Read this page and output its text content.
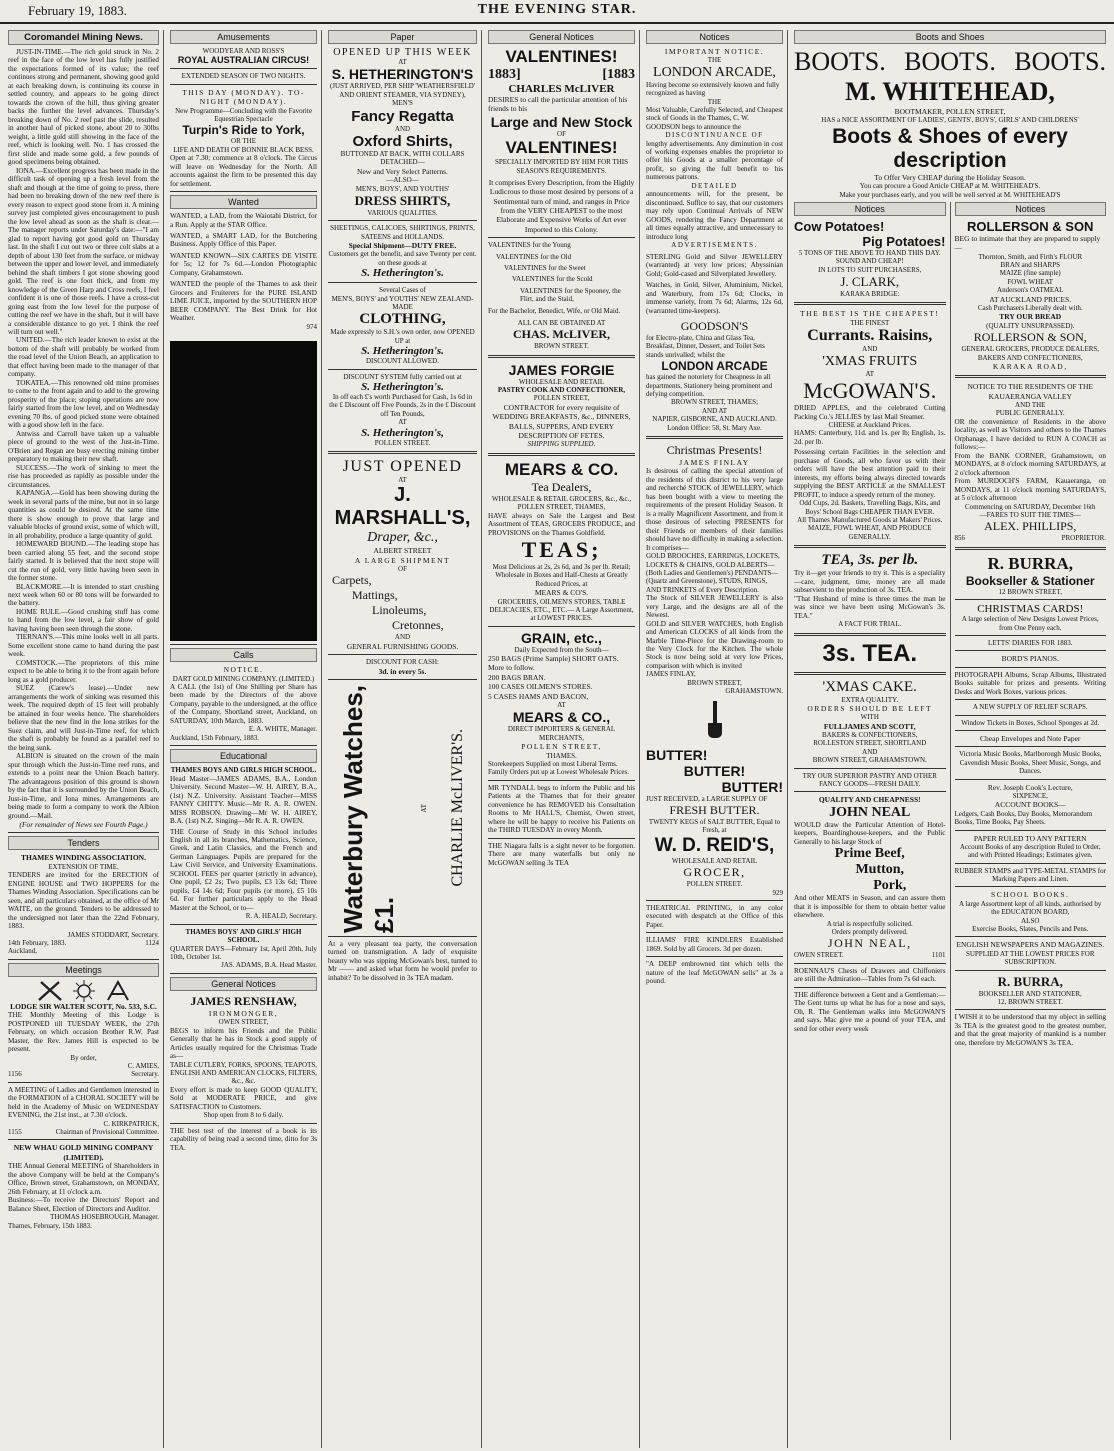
February 19, 1883.	THE EVENING STAR.
Coromandel Mining News.
JUST-IN-TIME.—The rich gold struck in No. 2 reef in the face of the low level has fully justified the expectations formed of its value; the reef continues strong and permanent, showing good gold at each breaking down, is continuing its course in settled country, and appears to be going direct towards the crown of the hill, thus giving greater backs the further the level advances. Thursday's breaking down of No. 2 reef past the slide, resulted in another haul of picked stone, about 20 to 30lbs weight, a little gold still showing in the face of the reef, which is looking well. No. 1 has crossed the first slide and made some gold, a few pounds of good specimens being obtained.
IONA.—Excellent progress has been made in the difficult task of opening up a fresh level from the shaft and though at the time of going to press, there had been no breaking down of the new reef there is every reason to expect good stone from it. A mining survey just completed gives encouragement to push the low level ahead as soon as the shaft is clear.—The manager reports under Saturday's date:—"I am glad to report having got good gold on Thursday last. In the shaft I cut out two or three colt slabs at a depth of about 130 feet from the surface, or midway between the upper and lower level, and immediately behind the shaft timbers I got stone showing good gold. The reef is one foot thick, and from my knowledge of the Green Harp and Cross reefs, I feel confident it is one of those reefs. I have a cross-cut going east from the low level for the purpose of cutting the reef we have in the shaft, but it will have a considerable distance to go yet. I think the reef will turn out well."
UNITED.—The rich leader known to exist at the bottom of the shaft will probably be worked from the road level of the Union Beach, an application to that effect having been made to the manager of that company.
TOKATEA.—This renowned old mine promises to come to the front again and to add to the growing prosperity of the place; stoping operations are now fairly started from the low level, and on Wednesday evening 70 lbs. of good picked stone were obtained with a good show left in the face.
Antwiss and Carroll have taken up a valuable piece of ground to the west of the Just-in-Time. O'Brien and Regan are busy erecting mining timber preparatory to making their new shaft.
SUCCESS.—The work of sinking to meet the rise has proceeded as rapidly as possible under the circumstances.
KAPANGA.—Gold has been showing during the week in several parts of the mine, but not in so large quantities as could be desired. At the same time there is show enough to prove that large and valuable blocks of ground exist, some of which will, in all probability, produce a large quantity of gold.
HOMEWARD BOUND.—The leading stope has been carried along 55 feet, and the second stope fairly started. It is believed that the next stope will cut the run of gold, very little having been seen in the former stone.
BLACKMORE.—It is intended to start crushing next week when 60 or 80 tons will be forwarded to the battery.
HOME RULE.—Good crushing stuff has come to hand from the low level, a fair show of gold having having been seen through the stone.
TIERNAN'S.—This mine looks well in all parts. Some excellent stone came to hand during the past week.
COMSTOCK.—The proprietors of this mine expect to be able to bring it to the front again before long as a gold producer.
SUEZ (Carew's lease).—Under new arrangements the work of sinking was resumed this week. The required depth of 15 feet will probably be attained in four weeks hence. The shareholders believe that the new find in the Iona strikes for the Suez claim, and will Just-in-Time reef, for which the shaft is probably be found as a parallel reef to the being sunk.
ALBION is situated on the crown of the main spur through which the Just-in-Time reef runs, and extends to a point near the Union Beach battery. The advantageous position of this ground is shown by the fact that it is surrounded by the Union Beach, Just-in-Time, and Iona mines. Arrangements are being made to form a company to work the Albion ground.—Mail.
(For remainder of News see Fourth Page.)
Tenders
THAMES WINDING ASSOCIATION.
EXTENSION OF TIME.
TENDERS are invited for the ERECTION of ENGINE HOUSE and TWO HOPPERS for the Thames Winding Association. Specifications can be seen, and all particulars obtained, at the office of Mr WAITE, on the ground. Tenders to be addressed to the undersigned not later than the 22nd February, 1883.
JAMES STODDART, Secretary.
14th February, 1883.	1124
Auckland,
Meetings
LODGE SIR WALTER SCOTT, No. 533, S.C.
THE Monthly Meeting of this Lodge is POSTPONED till TUESDAY WEEK, the 27th February, on which occasion Brother R.W. Past Master, the Rev. James Hill is expected to be present.
By order,
C. AMIES,
1156	Secretary.
A MEETING of Ladies and Gentlemen interested in the FORMATION of a CHORAL SOCIETY will be held in the Academy of Music on WEDNESDAY EVENING, the 21st inst., at 7.30 o'clock.
C. KIRKPATRICK,
1155	Chairman of Provisional Committee.
NEW WHAU GOLD MINING COMPANY (LIMITED).
THE Annual General MEETING of Shareholders in the above Company will be held at the Company's Office, Brown street, Grahamstown, on MONDAY, 26th February, at 11 o'clock a.m.
Business:—To receive the Directors' Report and Balance Sheet, Election of Directors and Auditor.
THOMAS HOSEBROUGH, Manager.
Thames, February, 15th 1883.
Amusements
WOODYEAR AND ROSS'S
ROYAL AUSTRALIAN CIRCUS!
EXTENDED SEASON OF TWO NIGHTS.
THIS DAY (MONDAY). TO-NIGHT (MONDAY).
New Programme—Concluding with the Favorite Equestrian Spectacle
Turpin's Ride to York,
OR THE
LIFE AND DEATH OF BONNIE BLACK BESS.
Open at 7.30; commence at 8 o'clock. The Circus will leave on Wednesday for the North. All accounts against the firm to be presented this day for settlement.
Wanted
WANTED, a LAD, from the Waiotahi District, for a Run. Apply at the STAR Office.
WANTED, a SMART LAD, for the Butchering Business. Apply Office of this Paper.
WANTED KNOWN—SIX CARTES DE VISITE for 5s; 12 for 7s 6d.—London Photographic Company, Grahamstown.
WANTED the people of the Thames to ask their Grocers and Fruiterers for the PURE ISLAND LIME JUICE, imported by the SOUTHERN HOP BEER COMPANY. The Best Drink for Hot Weather.
974
Calls
NOTICE.
DART GOLD MINING COMPANY. (LIMITED.)
A CALL (the 1st) of One Shilling per Share has been made by the Directors of the above Company, payable to the undersigned, at the office of the Company, Shortland street, Auckland, on SATURDAY, 10th March, 1883.
E. A. WHITE, Manager.
Auckland, 15th February, 1883.
Educational
THAMES BOYS AND GIRLS HIGH SCHOOL.
Head Master—JAMES ADAMS, B.A., London University. Second Master—W. H. AIREY, B.A., (1st) N.Z. University. Assistant Teacher—MISS FANNY CHITTY. Music—Mr R. A. R. OWEN. MISS ROBSON. Drawing—Mr W. H. AIREY, B.A. (1st) N.Z. Singing—Mr R. A. R. OWEN.
THE Course of Study in this School includes English in all its branches, Mathematics, Science, Greek, and Latin Classics, and the French and German Languages. Pupils are prepared for the Law Civil Service, and University Examinations. SCHOOL FEES per quarter (strictly in advance), One pupil, £2 2s; Two pupils, £3 13s 6d; Three pupils, £4 14s 6d; Four pupils (or more), £5 10s 6d. For further particulars apply to the Head Master at the School, or to—
R. A. HEALD, Secretary.
THAMES BOYS' AND GIRLS' HIGH SCHOOL.
QUARTER DAYS—February 1st, April 20th, July 10th, October 1st.
JAS. ADAMS, B.A. Head Master.
General Notices
JAMES RENSHAW,
IRONMONGER,
OWEN STREET,
BEGS to inform his Friends and the Public Generally that he has in Stock a good supply of Articles usually required for the Christmas Trade as—
TABLE CUTLERY, FORKS, SPOONS, TEAPOTS, ENGLISH AND AMERICAN CLOCKS, FILTERS, &c., &c.
Every effort is made to keep GOOD QUALITY, Sold at MODERATE PRICE, and give SATISFACTION to Customers.
Shop open from 8 to 6 daily.
THE best test of the interest of a book is its capability of being read a second time, ditto for 3s TEA.
Paper
OPENED UP THIS WEEK
AT
S. HETHERINGTON'S
(JUST ARRIVED, PER SHIP 'WEATHERSFIELD' AND ORIENT STEAMER, VIA SYDNEY),
MEN'S
Fancy Regatta
AND
Oxford Shirts,
BUTTONED AT BACK, WITH COLLARS DETACHED—
New and Very Select Patterns.
—ALSO—
MEN'S, BOYS', AND YOUTHS'
DRESS SHIRTS,
VARIOUS QUALITIES.
SHEETINGS, CALICOES, SHIRTINGS, PRINTS, SATEENS and HOLLANDS.
Special Shipment—DUTY FREE.
Customers get the benefit, and save Twenty per cent. on these goods at
S. Hetherington's.
Several Cases of
MEN'S, BOYS' and YOUTHS' NEW ZEALAND-MADE
CLOTHING,
Made expressly to S.H.'s own order, now OPENED UP at
S. Hetherington's.
DISCOUNT ALLOWED.
DISCOUNT SYSTEM fully carried out at
S. Hetherington's.
In off each £'s worth Purchased for Cash, 1s 6d in the £ Discount off Five Pounds, 2s in the £ Discount off Ten Pounds,
AT
S. Hetherington's,
POLLEN STREET.
JUST OPENED
AT
J. MARSHALL'S,
Draper, &c.,
ALBERT STREET
A LARGE SHIPMENT
OF
Carpets,
Mattings,
Linoleums,
Cretonnes,
AND
GENERAL FURNISHING GOODS.
DISCOUNT FOR CASH:
3d. in every 5s.
Waterbury Watches, £1.
AT CHARLIE McLIVER'S.
At a very pleasant tea party, the conversation turned on transmigration. A lady of exquisite beauty who was sipping McGowan's best, turned to Mr —— and asked what form he would prefer to inhabit? To be dissolved in 3s TEA madam.
General Notices
VALENTINES!
1883]	[1883
CHARLES McLIVER
DESIRES to call the particular attention of his friends to his
Large and New Stock
OF
VALENTINES!
SPECIALLY IMPORTED BY HIM FOR THIS SEASON'S REQUIREMENTS.
It comprises Every Description, from the Highly Ludicrous to those most desired by persons of a Sentimental turn of mind, and ranges in Price from the VERY CHEAPEST to the most Elaborate and Expensive Works of Art ever Imported to this Colony.
VALENTINES for the Young
VALENTINES for the Old
VALENTINES for the Sweet
VALENTINES for the Scold
VALENTINES for the Spooney, the Flirt, and the Staid,
For the Bachelor, Benedict, Wife, or Old Maid.
ALL CAN BE OBTAINED AT
CHAS. McLIVER,
BROWN STREET.
JAMES FORGIE
WHOLESALE AND RETAIL
PASTRY COOK AND CONFECTIONER,
POLLEN STREET,
CONTRACTOR for every requisite of WEDDING BREAKFASTS, &c., DINNERS, BALLS, SUPPERS, AND EVERY DESCRIPTION OF FETES.
SHIPPING SUPPLIED.
MEARS & CO.
Tea Dealers,
WHOLESALE & RETAIL GROCERS, &c., &c.,
POLLEN STREET, THAMES,
HAVE always on Sale the Largest and Best Assortment of TEAS, GROCERS PRODUCE, and PROVISIONS on the Thames Goldfield.
TEAS;
Most Delicious at 2s, 2s 6d, and 3s per lb. Retail; Wholesale in Boxes and Half-Chests at Greatly Reduced Prices, at
MEARS & CO'S.
GROCERIES, OILMEN'S STORES, TABLE DELICACIES, ETC., ETC.— A Large Assortment, at LOWEST PRICES.
GRAIN, etc.,
Daily Expected from the South—
250 BAGS (Prime Sample) SHORT OATS. More to follow.
200 BAGS BRAN.
100 CASES OILMEN'S STORES.
5 CASES HAMS AND BACON,
AT
MEARS & CO.,
DIRECT IMPORTERS & GENERAL MERCHANTS,
POLLEN STREET,
THAMES.
Storekeepers Supplied on most Liberal Terms. Family Orders put up at Lowest Wholesale Prices.
MR TYNDALL begs to inform the Public and his Patients at the Thames that for their greater convenience he has REMOVED his Consultation Rooms to Mr HALL'S, Chemist, Owen street, where he will be happy to receive his Patients on the THIRD TUESDAY in every Month.
THE Niagara falls is a sight never to be forgotten. There are many waterfalls but only ne McGOWAN selling 3s TEA
Notices
IMPORTANT NOTICE.
THE
LONDON ARCADE,
Having become so extensively known and fully recognized as having
THE
Most Valuable, Carefully Selected, and Cheapest stock of Goods in the Thames, C. W. GOODSON begs to announce the
DISCONTINUANCE OF
lengthy advertisements. Any diminution in cost of working expenses enables the proprietor to offer his Goods at a smaller percentage of profit, so giving the full benefit to his numerous patrons.
DETAILED
announcements will, for the present, be discontinued. Suffice to say, that our customers may rely upon Continual Arrivals of NEW GOODS, rendering the Fancy Department at all times equally attractive, and unnecessary to introduce long
ADVERTISEMENTS.
STERLING Gold and Silver JEWELLERY (warranted) at very low prices; Abyssinian Gold; Gold-cased and Silverplated Jewellery.
Watches, in Gold, Silver, Aluminium, Nickel, and Waterbury, from 17s 6d; Clocks, in immense variety, from 7s 6d; Alarms, 12s 6d, (warranted time-keepers).
GOODSON'S
for Electro-plate, China and Glass Tea, Breakfast, Dinner, Dessert, and Toilet Sets stands unrivalled; whilst the
LONDON ARCADE
has gained the notoriety for Cheapness in all departments, Stationery being prominent and defying competition.
BROWN STREET, THAMES;
AND AT
NAPIER, GISBORNE, AND AUCKLAND.
London Office: 58, St. Mary Axe.
Christmas Presents!
JAMES FINLAY
Is desirous of calling the special attention of the residents of this district to his very large and recherché STOCK of JEWELLERY, which has been bought with a view to meeting the requirements of the present Holiday Season. It is a really Magnificent Assortment, and from it those desirous of selecting PRESENTS for their Friends or members of their families should have no difficulty in making a selection. It comprises—
GOLD BROOCHES, EARRINGS, LOCKETS, LOCKETS & CHAINS, GOLD ALBERTS—(Both Ladies and Gentlemen's) PENDANTS—(Quartz and Greenstone), STUDS, RINGS, AND TRINKETS of Every Description.
The Stock of SILVER JEWELLERY is also very Large, and the designs are all of the Newest.
GOLD and SILVER WATCHES, both English and American CLOCKS of all kinds from the Marble Time-Piece for the Drawing-room to the Very Clock for the Kitchen. The whole Stock is now being sold at very low Prices, comparison with which is invited
JAMES FINLAY,
BROWN STREET,
GRAHAMSTOWN.
BUTTER!
BUTTER!
BUTTER!
JUST RECEIVED, a LARGE SUPPLY OF
FRESH BUTTER.
TWENTY KEGS of SALT BUTTER, Equal to Fresh, at
W. D. REID'S,
WHOLESALE AND RETAIL
GROCER,
POLLEN STREET.
929
THEATRICAL PRINTING, in any color executed with despatch at the Office of this Paper.
ILLIAMS' FIRE KINDLERS Established 1869. Sold by all Grocers. 3d per dozen.
"A DEEP embrowned tint which tells the nature of the leaf McGOWAN sells" at 3s a pound.
Boots and Shoes
BOOTS. BOOTS. BOOTS.
M. WHITEHEAD,
BOOTMAKER, POLLEN STREET,
HAS a NICE ASSORTMENT OF LADIES', GENTS', BOYS', GIRLS' AND CHILDRENS'
Boots & Shoes of every description
To Offer Very CHEAP during the Holiday Season.
You can procure a Good Article CHEAP at M. WHITEHEAD'S.
Make your purchases early, and you will be well served at M. WHITEHEAD'S
Notices
Cow Potatoes!
Pig Potatoes!
5 TONS OF THE ABOVE TO HAND THIS DAY.
SOUND AND CHEAP!
IN LOTS TO SUIT PURCHASERS,
J. CLARK,
KARAKA BRIDGE:
THE BEST IS THE CHEAPEST!
THE FINEST
Currants. Raisins,
AND
'XMAS FRUITS
AT
McGOWAN'S.
DRIED APPLES, and the celebrated Cutting Packing Co.'s JELLIES by last Mail Steamer.
CHEESE at Auckland Prices.
HAMS: Canterbury, 11d. and 1s. per lb; English, 1s. 2d. per lb.
Possessing certain Facilities in the selection and purchase of Goods, all who favor us with their orders will have the best attention paid to their interests, my efforts being always directed towards supplying the BEST ARTICLE at the SMALLEST PROFIT, to induce a speedy return of the money.
Odd Cups, 2d. Baskets, Travelling Bags, Kits, and Boys' School Bags CHEAPER THAN EVER.
All Thames Manufactured Goods at Makers' Prices.
MAIZE, FOWL WHEAT, AND PRODUCE GENERALLY.
TEA, 3s. per lb.
Try it—get your friends to try it. This is a speciality—care, judgment, time, money are all made subservient to the production of 3s. TEA.
"That Husband of mine is three times the man he was since we have been using McGowan's 3s. TEA."
A FACT FOR TRIAL.
3s. TEA.
'XMAS CAKE.
EXTRA QUALITY.
ORDERS SHOULD BE LEFT
WITH
FULLJAMES AND SCOTT,
BAKERS & CONFECTIONERS,
ROLLESTON STREET, SHORTLAND
AND
BROWN STREET, GRAHAMSTOWN.
TRY OUR SUPERIOR PASTRY AND OTHER FANCY GOODS—FRESH DAILY.
QUALITY AND CHEAPNESS!
JOHN NEAL
WOULD draw the Particular Attention of Hotel-keepers, Boardinghouse-keepers, and the Public Generally to his large Stock of
Prime Beef,
Mutton,
Pork,
And other MEATS in Season, and can assure them that it is impossible for them to obtain better value elsewhere.
A trial is respectfully solicited.
Orders promptly delivered.
JOHN NEAL,
OWEN STREET.	1101
ROENNAU'S Chests of Drawers and Chiffoniers are still the Admiration—Tables from 7s 6d each.
THE difference between a Gent and a Gentleman:—The Gent turns up what he has for a nose and says, Oh, R. The Gentleman walks into McGOWAN'S and says, Mac give me a pound of your TEA, and send for other every week
Notices
ROLLERSON & SON
BEG to intimate that they are prepared to supply—
Thornton, Smith, and Firth's FLOUR
BRAN and SHARPS
MAIZE (fine sample)
FOWL WHEAT
Anderson's OATMEAL
AT AUCKLAND PRICES.
Cash Purchasers Liberally dealt with.
TRY OUR BREAD
(QUALITY UNSURPASSED).
ROLLERSON & SON,
GENERAL GROCERS, PRODUCE DEALERS, BAKERS AND CONFECTIONERS,
KARAKA ROAD,
NOTICE TO THE RESIDENTS OF THE KAUAERANGA VALLEY
AND THE
PUBLIC GENERALLY.
OR the convenience of Residents in the above locality, as well as Visitors and others to the Thames Orphanage, I have decided to RUN A COACH as follows;—
From the BANK CORNER, Grahamstown, on MONDAYS, at 8 o'clock morning SATURDAYS, at 2 o'clock afternoon
From MURDOCH'S FARM, Kauaeranga, on MONDAYS, at 11 o'clock morning SATURDAYS, at 5 o'clock afternoon
Commencing on SATURDAY, December 16th
—FARES TO SUIT THE TIMES—
ALEX. PHILLIPS,
856	PROPRIETOR.
R. BURRA,
Bookseller & Stationer
12 BROWN STREET,
CHRISTMAS CARDS!
A large selection of New Designs Lowest Prices, from One Penny each.
LETTS' DIARIES FOR 1883.
BORD'S PIANOS.
PHOTOGRAPH Albums, Scrap Albums, Illustrated Books suitable for prizes and presents. Writing Desks and Work Boxes, various prices.
A NEW SUPPLY OF RELIEF SCRAPS.
Window Tickets in Boxes, School Sponges at 2d.
Cheap Envelopes and Note Paper
Victoria Music Books, Marlborough Music Books, Cavendish Music Books, Sheet Music, Songs, and Dances.
Rev. Joseph Cook's Lecture,
SIXPENCE,
ACCOUNT BOOKS—
Ledgers, Cash Books, Day Books, Memorandum Books, Time Books, Pay Sheets.
PAPER RULED TO ANY PATTERN
Account Books of any description Ruled to Order, and with Printed Headings; Estimates given.
RUBBER STAMPS and TYPE-METAL STAMPS for Marking Papers and Linen.
SCHOOL BOOKS.
A large Assortment kept of all kinds, authorised by the EDUCATION BOARD,
ALSO
Exercise Books, Slates, Pencils and Pens.
ENGLISH NEWSPAPERS AND MAGAZINES.
SUPPLIED AT THE LOWEST PRICES FOR SUBSCRIPTION.
R. BURRA,
BOOKSELLER AND STATIONER,
12, BROWN STREET.
I WISH it to be understood that my object in selling 3s TEA is the greatest good to the greatest number, and that the great majority of mankind is a number one, therefore try McGOWAN'S 3s TEA.
